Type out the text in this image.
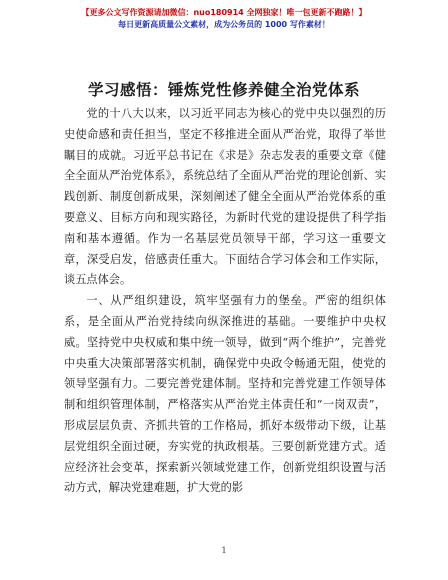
【更多公文写作资源请加微信：nuo180914 全网独家！唯一包更新不跑路！】
每日更新高质量公文素材，成为公务员的 1000 写作素材！
学习感悟：锤炼党性修养健全治党体系

党的十八大以来，以习近平同志为核心的党中央以强烈的历史使命感和责任担当，坚定不移推进全面从严治党，取得了举世瞩目的成就。习近平总书记在《求是》杂志发表的重要文章《健全全面从严治党体系》，系统总结了全面从严治党的理论创新、实践创新、制度创新成果，深刻阐述了健全全面从严治党体系的重要意义、目标方向和现实路径，为新时代党的建设提供了科学指南和基本遵循。作为一名基层党员领导干部，学习这一重要文章，深受启发，倍感责任重大。下面结合学习体会和工作实际，谈五点体会。

一、从严组织建设，筑牢坚强有力的堡垒。严密的组织体系，是全面从严治党持续向纵深推进的基础。一要维护中央权威。坚持党中央权威和集中统一领导，做到“两个维护”，完善党中央重大决策部署落实机制，确保党中央政令畅通无阻，使党的领导坚强有力。二要完善党建体制。坚持和完善党建工作领导体制和组织管理体制，严格落实从严治党主体责任和“一岗双责”，形成层层负责、齐抓共管的工作格局，抓好本级带动下级，让基层党组织全面过硬，夯实党的执政根基。三要创新党建方式。适应经济社会变革，探索新兴领域党建工作，创新党组织设置与活动方式，解决党建难题，扩大党的影

1
